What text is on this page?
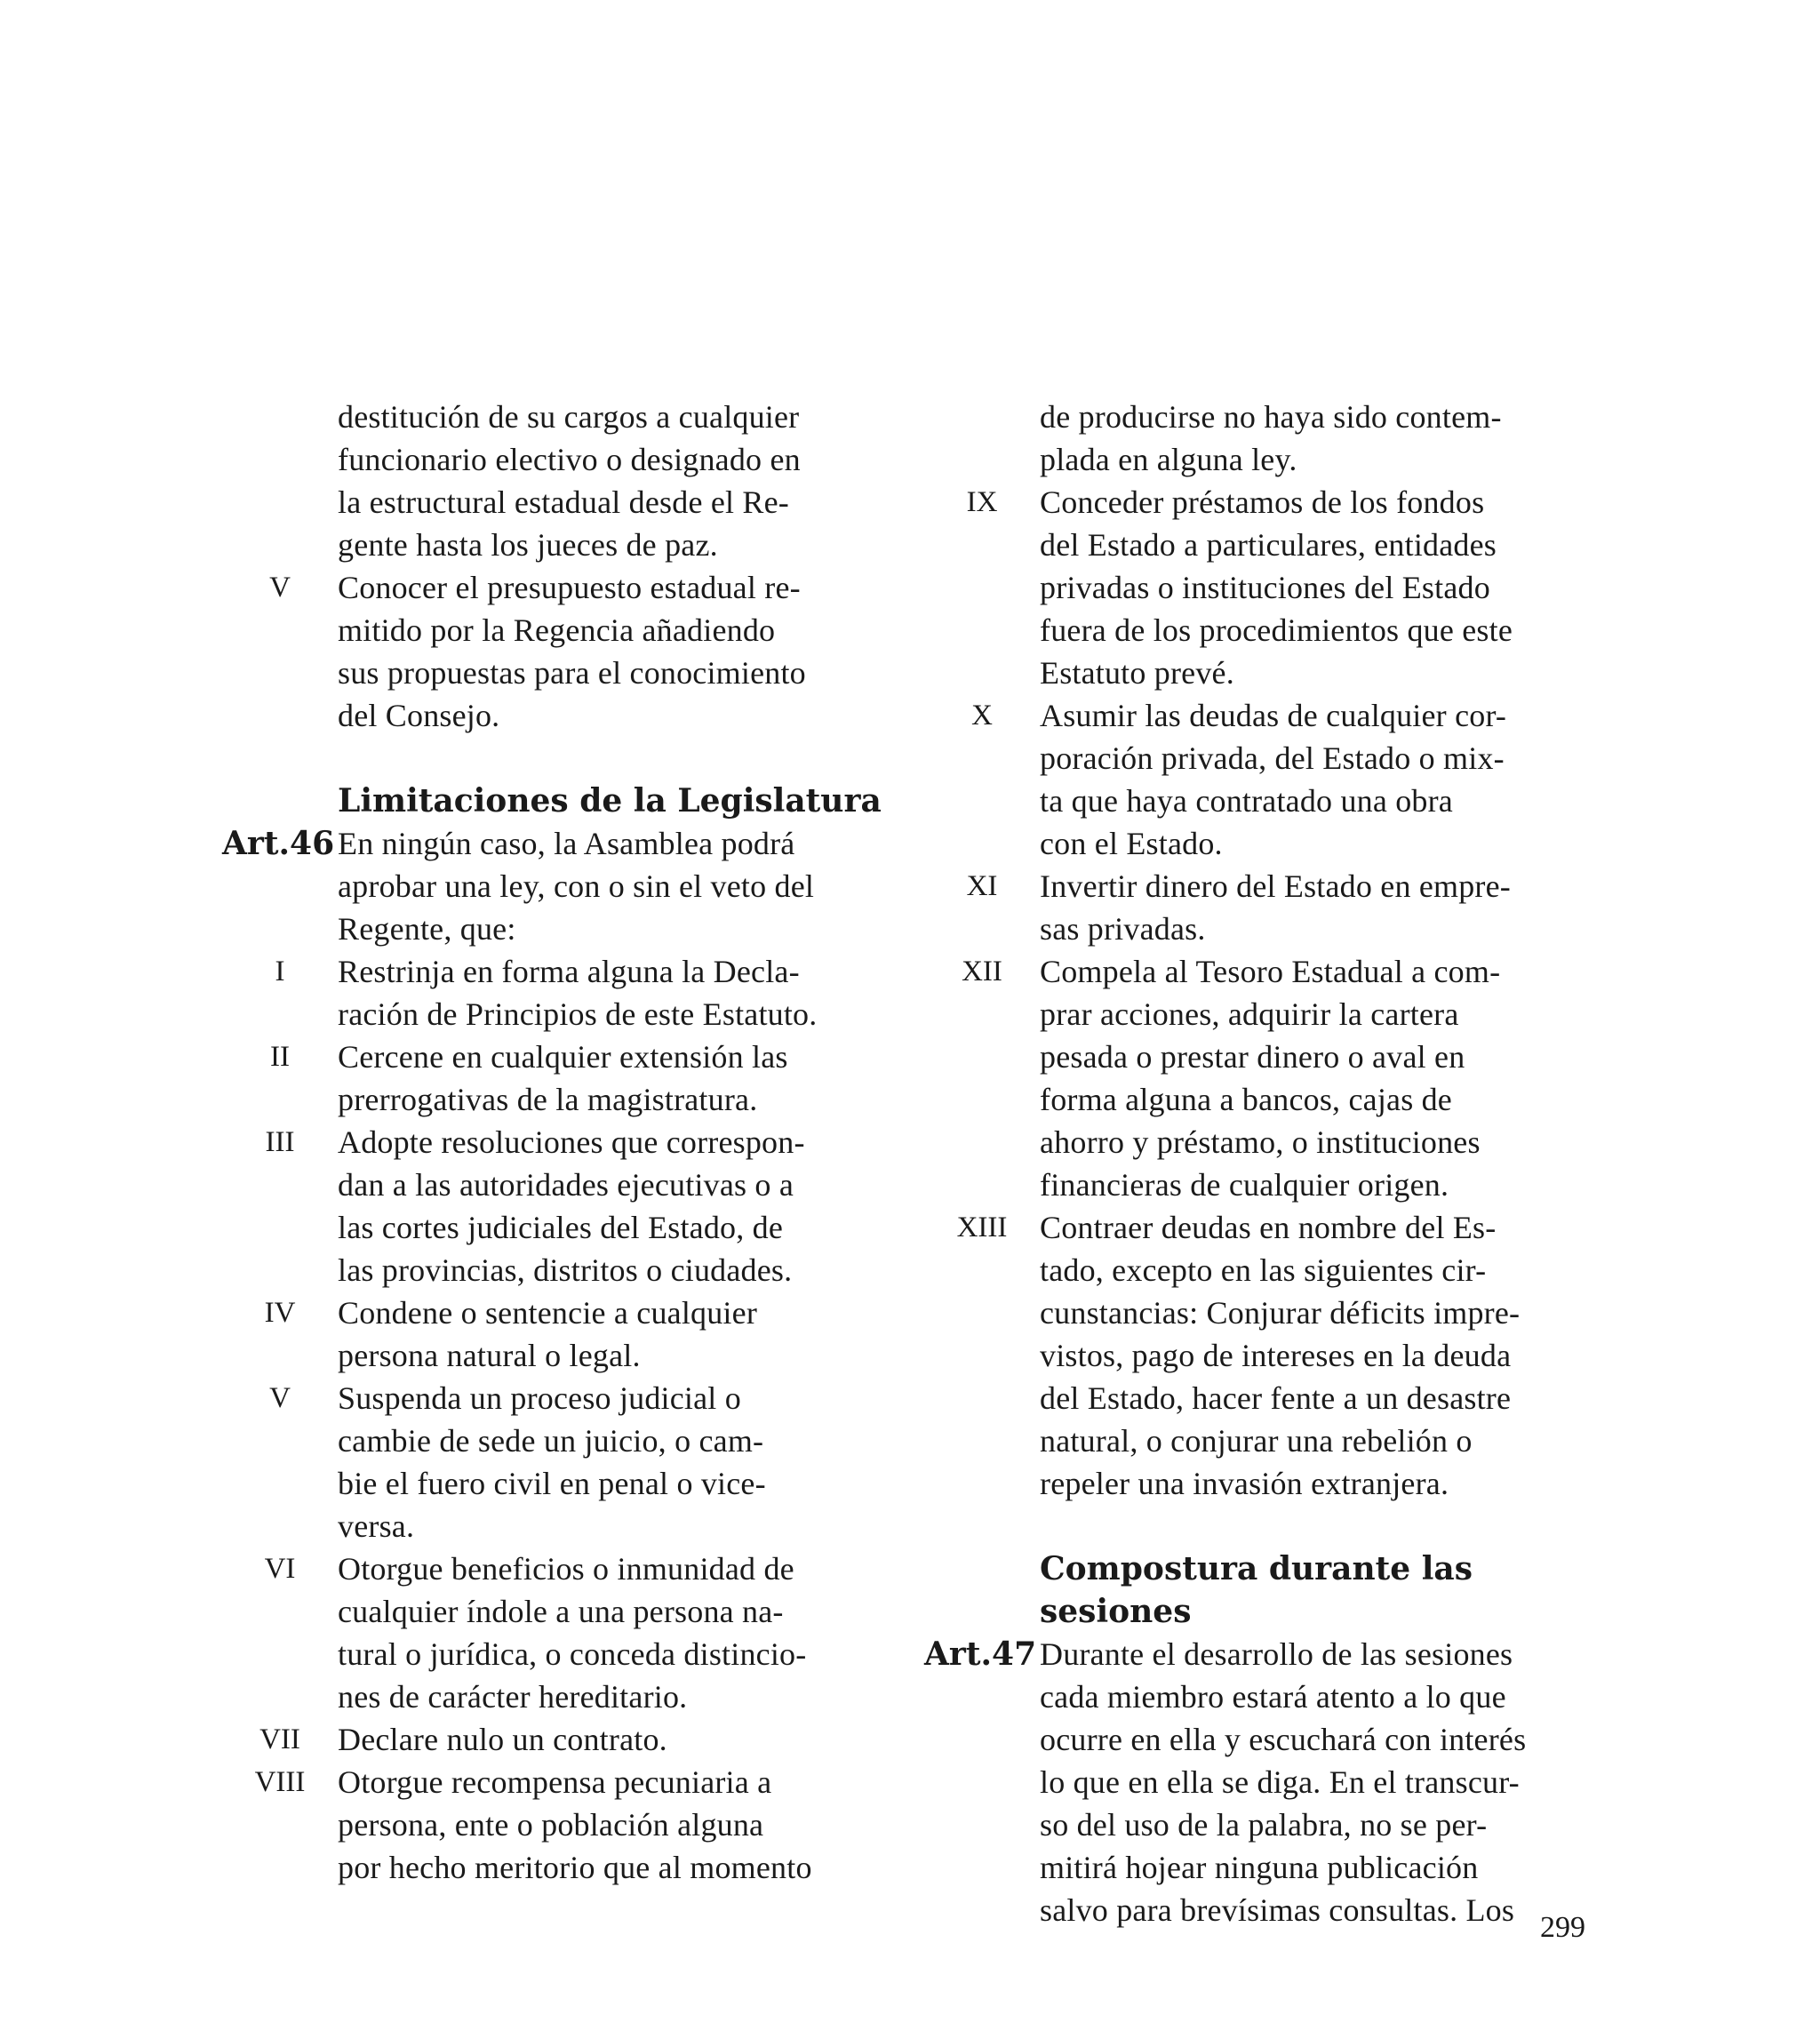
destitución de su cargos a cualquier
funcionario electivo o designado en
la estructural estadual desde el Re-
gente hasta los jueces de paz.
V	Conocer el presupuesto estadual re-
mitido por la Regencia añadiendo
sus propuestas para el conocimiento
del Consejo.
Limitaciones de la Legislatura
Art.46 En ningún caso, la Asamblea podrá
aprobar una ley, con o sin el veto del
Regente, que:
I	Restrinja en forma alguna la Decla-
ración de Principios de este Estatuto.
II	Cercene en cualquier extensión las
prerrogativas de la magistratura.
III	Adopte resoluciones que correspon-
dan a las autoridades ejecutivas o a
las cortes judiciales del Estado, de
las provincias, distritos o ciudades.
IV	Condene o sentencie a cualquier
persona natural o legal.
V	Suspenda un proceso judicial o
cambie de sede un juicio, o cam-
bie el fuero civil en penal o vice-
versa.
VI	Otorgue beneficios o inmunidad de
cualquier índole a una persona na-
tural o jurídica, o conceda distincio-
nes de carácter hereditario.
VII	Declare nulo un contrato.
VIII	Otorgue recompensa pecuniaria a
persona, ente o población alguna
por hecho meritorio que al momento
de producirse no haya sido contem-
plada en alguna ley.
IX	Conceder préstamos de los fondos
del Estado a particulares, entidades
privadas o instituciones del Estado
fuera de los procedimientos que este
Estatuto prevé.
X	Asumir las deudas de cualquier cor-
poración privada, del Estado o mix-
ta que haya contratado una obra
con el Estado.
XI	Invertir dinero del Estado en empre-
sas privadas.
XII	Compela al Tesoro Estadual a com-
prar acciones, adquirir la cartera
pesada o prestar dinero o aval en
forma alguna a bancos, cajas de
ahorro y préstamo, o instituciones
financieras de cualquier origen.
XIII	Contraer deudas en nombre del Es-
tado, excepto en las siguientes cir-
cunstancias: Conjurar déficits impre-
vistos, pago de intereses en la deuda
del Estado, hacer fente a un desastre
natural, o conjurar una rebelión o
repeler una invasión extranjera.
Compostura durante las sesiones
Art.47 Durante el desarrollo de las sesiones
cada miembro estará atento a lo que
ocurre en ella y escuchará con interés
lo que en ella se diga. En el transcur-
so del uso de la palabra, no se per-
mitirá hojear ninguna publicación
salvo para brevísimas consultas. Los 299
